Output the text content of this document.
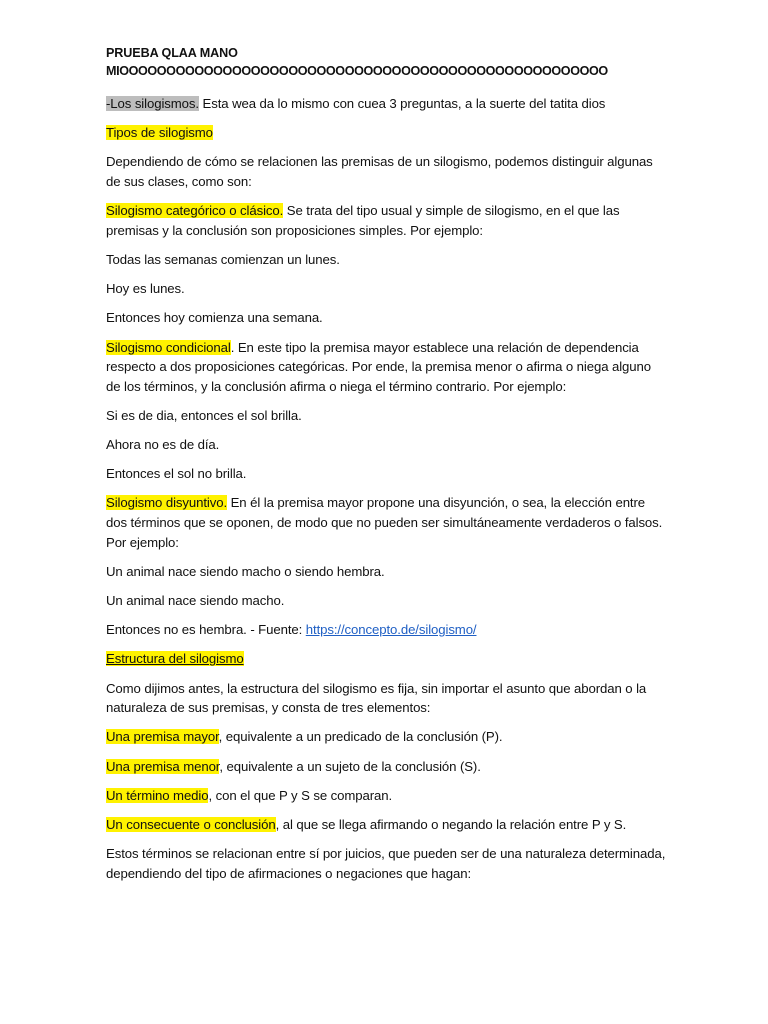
PRUEBA QLAA MANO
MIOOOOOOOOOOOOOOOOOOOOOOOOOOOOOOOOOOOOOOOOOOOOOOOOOOOO

-Los silogismos. Esta wea da lo mismo con cuea 3 preguntas, a la suerte del tatita dios

Tipos de silogismo

Dependiendo de cómo se relacionen las premisas de un silogismo, podemos distinguir algunas de sus clases, como son:

Silogismo categórico o clásico. Se trata del tipo usual y simple de silogismo, en el que las premisas y la conclusión son proposiciones simples. Por ejemplo:

Todas las semanas comienzan un lunes.

Hoy es lunes.

Entonces hoy comienza una semana.

Silogismo condicional. En este tipo la premisa mayor establece una relación de dependencia respecto a dos proposiciones categóricas. Por ende, la premisa menor o afirma o niega alguno de los términos, y la conclusión afirma o niega el término contrario. Por ejemplo:

Si es de dia, entonces el sol brilla.

Ahora no es de día.

Entonces el sol no brilla.

Silogismo disyuntivo. En él la premisa mayor propone una disyunción, o sea, la elección entre dos términos que se oponen, de modo que no pueden ser simultáneamente verdaderos o falsos. Por ejemplo:

Un animal nace siendo macho o siendo hembra.

Un animal nace siendo macho.

Entonces no es hembra. - Fuente: https://concepto.de/silogismo/

Estructura del silogismo

Como dijimos antes, la estructura del silogismo es fija, sin importar el asunto que abordan o la naturaleza de sus premisas, y consta de tres elementos:

Una premisa mayor, equivalente a un predicado de la conclusión (P).

Una premisa menor, equivalente a un sujeto de la conclusión (S).

Un término medio, con el que P y S se comparan.

Un consecuente o conclusión, al que se llega afirmando o negando la relación entre P y S.

Estos términos se relacionan entre sí por juicios, que pueden ser de una naturaleza determinada, dependiendo del tipo de afirmaciones o negaciones que hagan:
